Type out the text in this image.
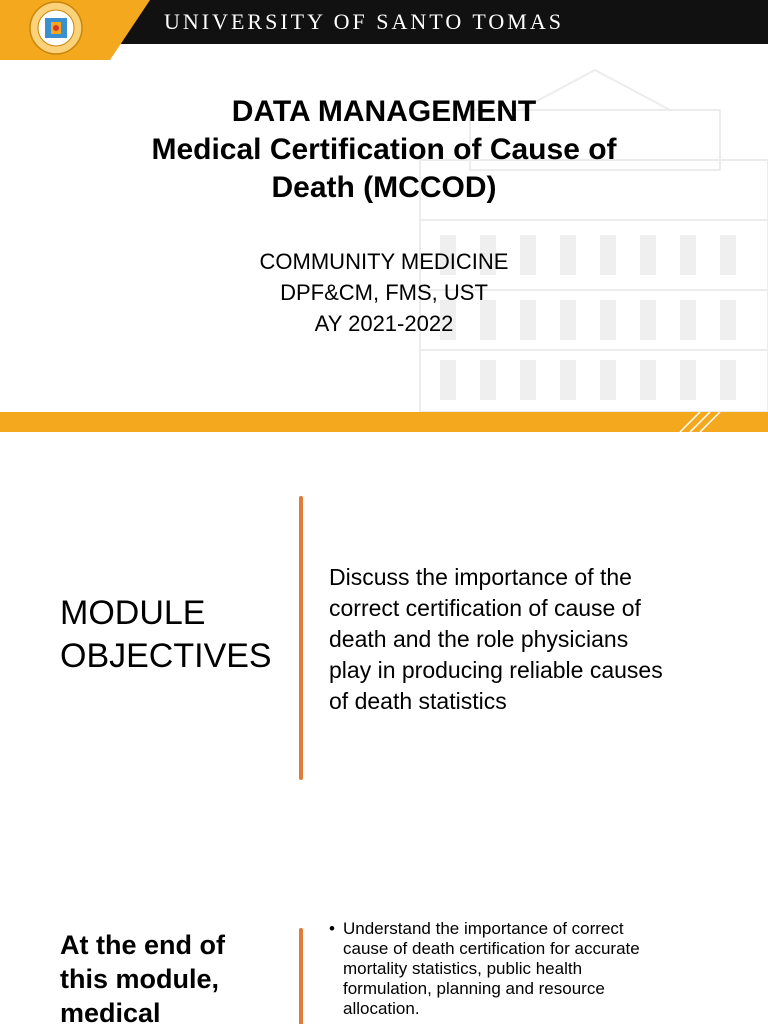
UNIVERSITY OF SANTO TOMAS
DATA MANAGEMENT
Medical Certification of Cause of
Death (MCCOD)
COMMUNITY MEDICINE
DPF&CM, FMS, UST
AY 2021-2022
MODULE
OBJECTIVES
Discuss the importance of the
correct certification of cause of
death and the role physicians
play in producing reliable causes
of death statistics
At the end of
this module,
medical
• Understand the importance of correct
cause of death certification for accurate
mortality statistics, public health
formulation, planning and resource
allocation.
